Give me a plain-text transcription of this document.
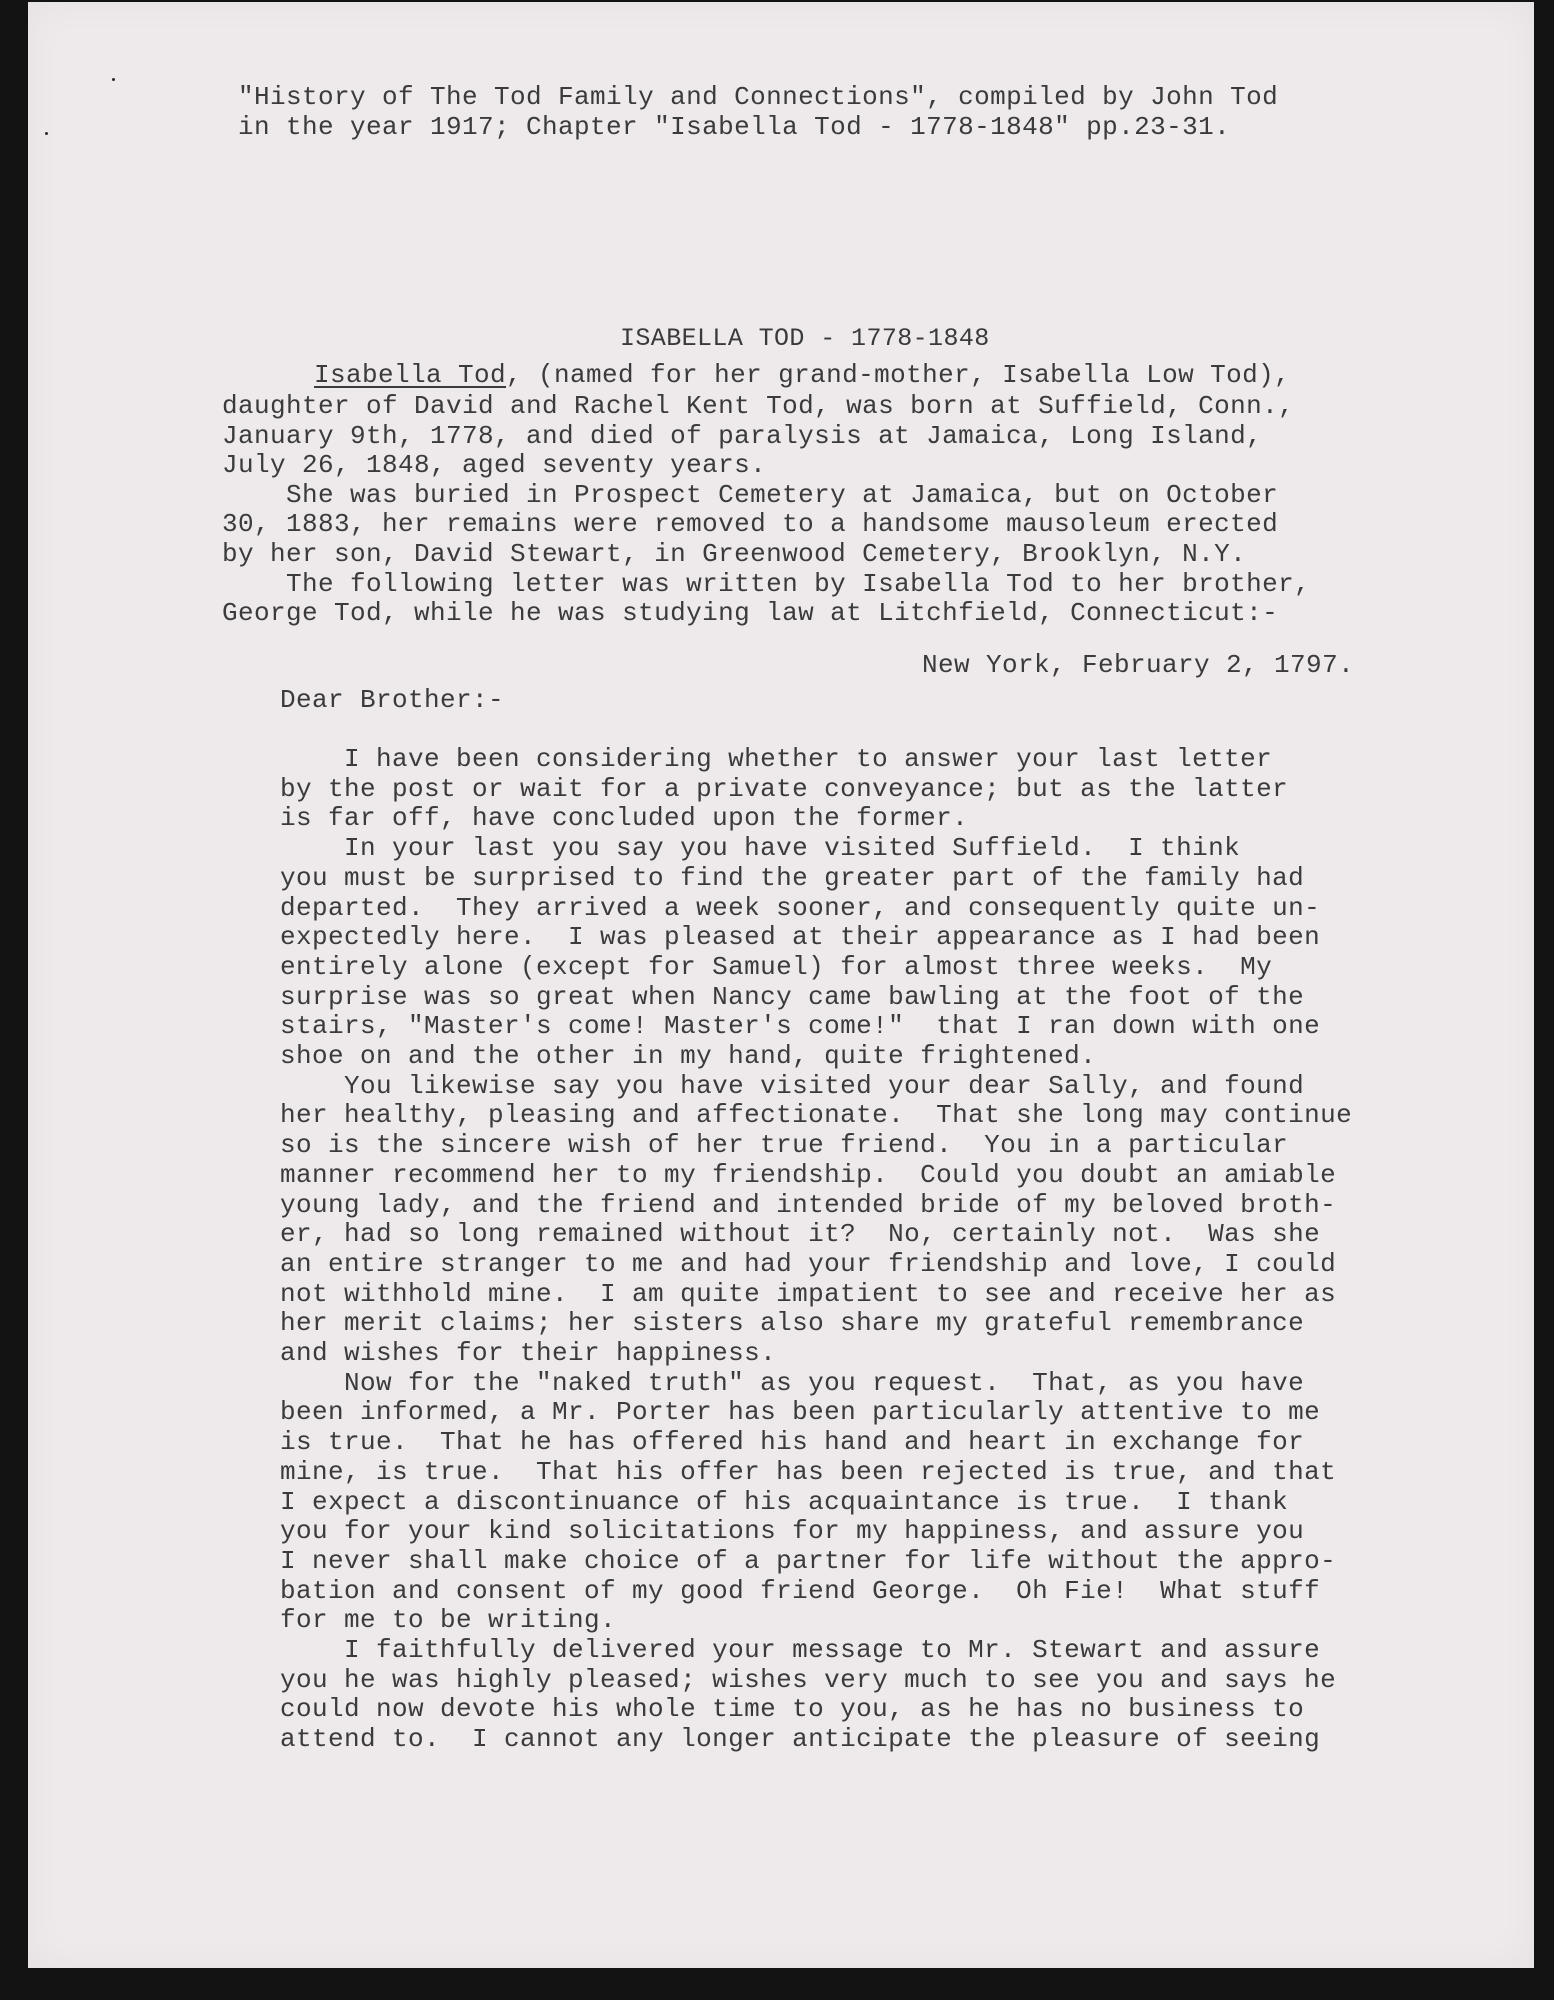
"History of The Tod Family and Connections", compiled by John Tod

in the year 1917; Chapter "Isabella Tod - 1778-1848" pp.23-31.

ISABELLA TOD - 1778-1848

Isabella Tod, (named for her grand-mother, Isabella Low Tod),

daughter of David and Rachel Kent Tod, was born at Suffield, Conn.,

January 9th, 1778, and died of paralysis at Jamaica, Long Island,

July 26, 1848, aged seventy years.

She was buried in Prospect Cemetery at Jamaica, but on October

30, 1883, her remains were removed to a handsome mausoleum erected

by her son, David Stewart, in Greenwood Cemetery, Brooklyn, N.Y.

The following letter was written by Isabella Tod to her brother,

George Tod, while he was studying law at Litchfield, Connecticut:-

New York, February 2, 1797.

Dear Brother:-

I have been considering whether to answer your last letter

by the post or wait for a private conveyance; but as the latter

is far off, have concluded upon the former.

In your last you say you have visited Suffield.  I think

you must be surprised to find the greater part of the family had

departed.  They arrived a week sooner, and consequently quite un-

expectedly here.  I was pleased at their appearance as I had been

entirely alone (except for Samuel) for almost three weeks.  My

surprise was so great when Nancy came bawling at the foot of the

stairs, "Master's come! Master's come!"  that I ran down with one

shoe on and the other in my hand, quite frightened.

You likewise say you have visited your dear Sally, and found

her healthy, pleasing and affectionate.  That she long may continue

so is the sincere wish of her true friend.  You in a particular

manner recommend her to my friendship.  Could you doubt an amiable

young lady, and the friend and intended bride of my beloved broth-

er, had so long remained without it?  No, certainly not.  Was she

an entire stranger to me and had your friendship and love, I could

not withhold mine.  I am quite impatient to see and receive her as

her merit claims; her sisters also share my grateful remembrance

and wishes for their happiness.

Now for the "naked truth" as you request.  That, as you have

been informed, a Mr. Porter has been particularly attentive to me

is true.  That he has offered his hand and heart in exchange for

mine, is true.  That his offer has been rejected is true, and that

I expect a discontinuance of his acquaintance is true.  I thank

you for your kind solicitations for my happiness, and assure you

I never shall make choice of a partner for life without the appro-

bation and consent of my good friend George.  Oh Fie!  What stuff

for me to be writing.

I faithfully delivered your message to Mr. Stewart and assure

you he was highly pleased; wishes very much to see you and says he

could now devote his whole time to you, as he has no business to

attend to.  I cannot any longer anticipate the pleasure of seeing
